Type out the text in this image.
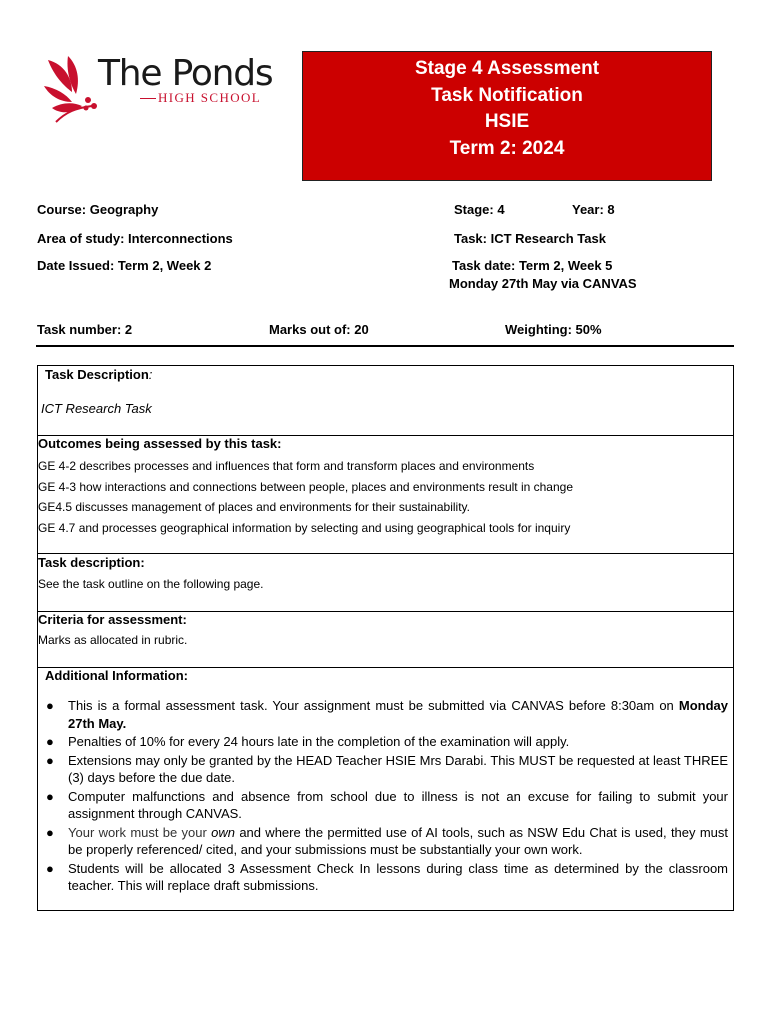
The Ponds
HIGH SCHOOL
Stage 4 Assessment
Task Notification
HSIE
Term 2: 2024
Course: Geography	Stage: 4	Year: 8
Area of study: Interconnections	Task: ICT Research Task
Date Issued: Term 2, Week 2	Task date: Term 2, Week 5
Monday 27th May via CANVAS
Task number: 2	Marks out of: 20	Weighting: 50%
Task Description:
ICT Research Task
Outcomes being assessed by this task:
GE 4-2 describes processes and influences that form and transform places and environments
GE 4-3 how interactions and connections between people, places and environments result in change
GE4.5 discusses management of places and environments for their sustainability.
GE 4.7 and processes geographical information by selecting and using geographical tools for inquiry
Task description:
See the task outline on the following page.
Criteria for assessment:
Marks as allocated in rubric.
Additional Information:
● This is a formal assessment task. Your assignment must be submitted via CANVAS before 8:30am on Monday 27th May.
● Penalties of 10% for every 24 hours late in the completion of the examination will apply.
● Extensions may only be granted by the HEAD Teacher HSIE Mrs Darabi. This MUST be requested at least THREE (3) days before the due date.
● Computer malfunctions and absence from school due to illness is not an excuse for failing to submit your assignment through CANVAS.
● Your work must be your own and where the permitted use of AI tools, such as NSW Edu Chat is used, they must be properly referenced/ cited, and your submissions must be substantially your own work.
● Students will be allocated 3 Assessment Check In lessons during class time as determined by the classroom teacher. This will replace draft submissions.
